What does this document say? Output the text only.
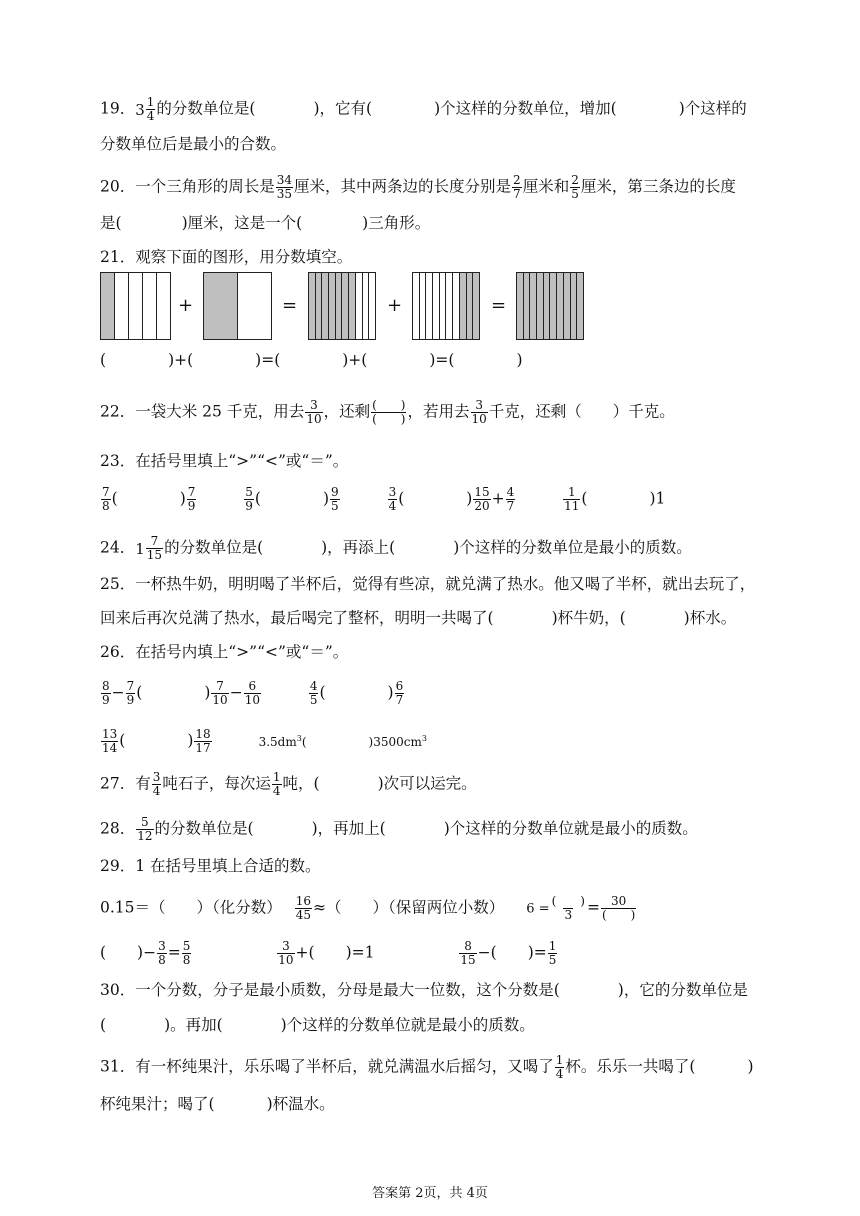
19． $3 \frac{1}{4}$ 的分数单位是(	)，它有(	)个这样的分数单位，增加(	)个这样的
分数单位后是最小的合数。
20．一个三角形的周长是 $\frac{34}{35}$ 厘米，其中两条边的长度分别是 $\frac{2}{7}$ 厘米和 $\frac{2}{5}$ 厘米，第三条边的长度
是(	)厘米，这是一个(	)三角形。
21．观察下面的图形，用分数填空。
+	=	+	=
(	)+(	)=(	)+(	)=(	)
22．一袋大米 25 千克，用去 $\frac{3}{10}$ ，还剩 $\frac{( )}{( )}$ ，若用去 $\frac{3}{10}$ 千克，还剩（　　）千克。
23．在括号里填上“>”“<”或“＝”。
$\frac{7}{8}$ (	) $\frac{7}{9}$
	$\frac{5}{9}$ (	) $\frac{9}{5}$
	$\frac{3}{4}$ (	) $\frac{15}{20} + \frac{4}{7}$
	$\frac{1}{11}$ (	)1
24． $1 \frac{7}{15}$ 的分数单位是(	)，再添上(	)个这样的分数单位是最小的质数。
25．一杯热牛奶，明明喝了半杯后，觉得有些凉，就兑满了热水。他又喝了半杯，就出去玩了，
回来后再次兑满了热水，最后喝完了整杯，明明一共喝了(	)杯牛奶，(	)杯水。
26．在括号内填上“>”“<”或“＝”。
$\frac{8}{9} - \frac{7}{9}$ (	) $\frac{7}{10} - \frac{6}{10}$
	$\frac{4}{5}$ (	) $\frac{6}{7}$
$\frac{13}{14}$ (	) $\frac{18}{17}$	$3.5dm^3$(	)$3500cm^3$
27．有 $\frac{3}{4}$ 吨石子，每次运 $\frac{1}{4}$ 吨，(	)次可以运完。
28． $\frac{5}{12}$ 的分数单位是(	)，再加上(	)个这样的分数单位就是最小的质数。
29．1 在括号里填上合适的数。
0.15＝（　　）（化分数） $\frac{16}{45}$ ≈（　　）（保留两位小数） $6 = \frac{( )}{3} = \frac{30}{( )}$
(　　)− $\frac{3}{8} = \frac{5}{8}$
	$\frac{3}{10}$ +(　　)=1	$\frac{8}{15}$ −(　　)= $\frac{1}{5}$
30．一个分数，分子是最小质数，分母是最大一位数，这个分数是(	)，它的分数单位是
(	)。再加(	)个这样的分数单位就是最小的质数。
31．有一杯纯果汁，乐乐喝了半杯后，就兑满温水后摇匀，又喝了 $\frac{1}{4}$ 杯。乐乐一共喝了(	)
杯纯果汁；喝了(	)杯温水。
答案第 2页，共 4页
